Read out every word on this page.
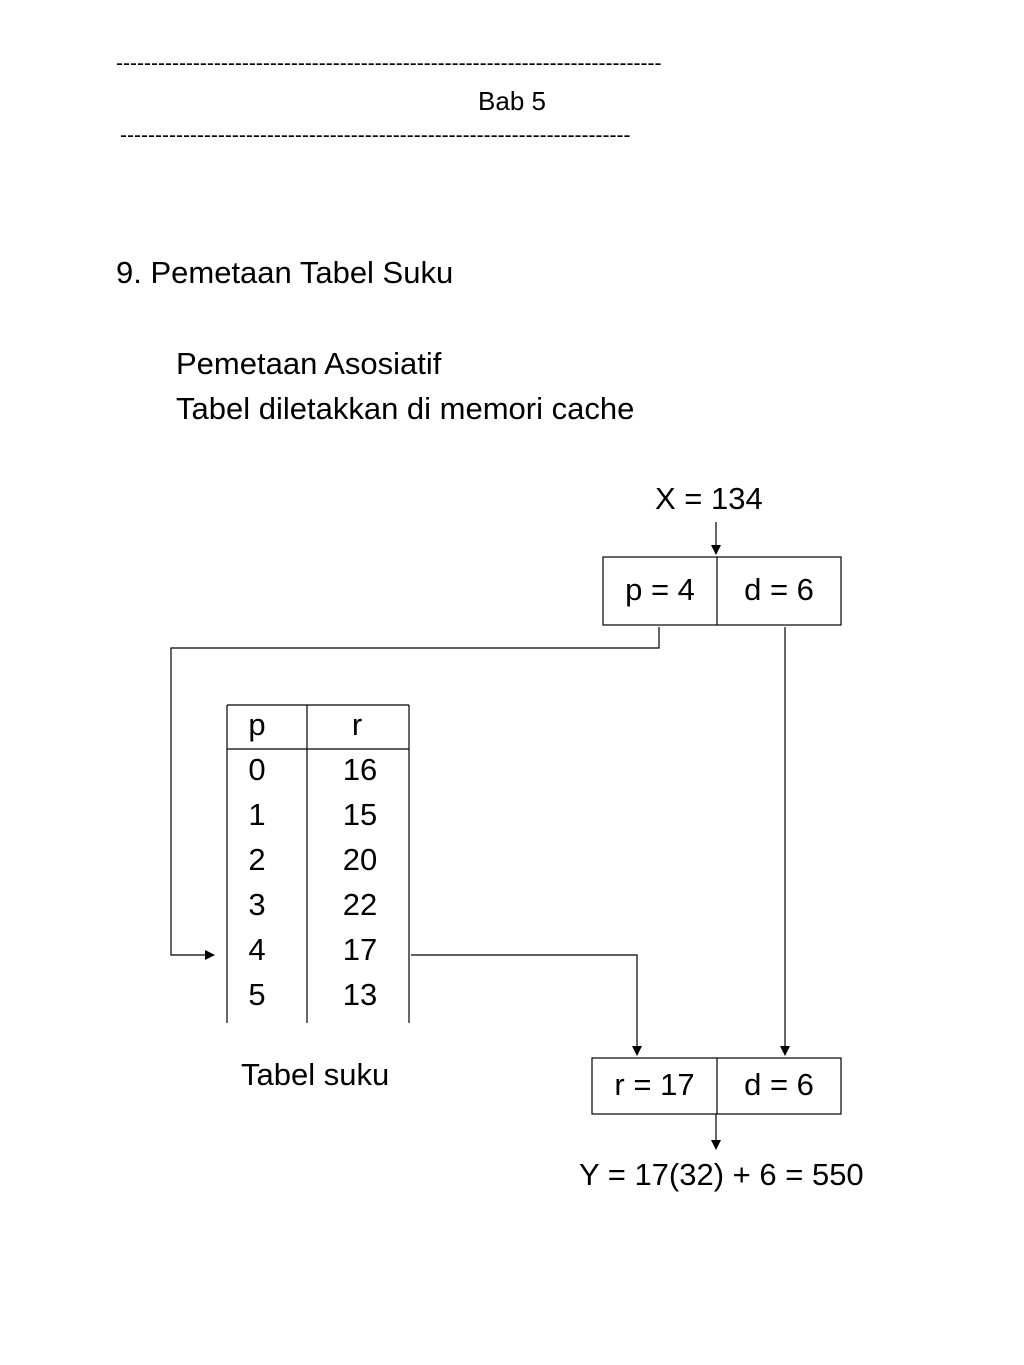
------------------------------------------------------------------------------
Bab 5
-------------------------------------------------------------------------
9. Pemetaan Tabel Suku
Pemetaan Asosiatif
Tabel diletakkan di memori cache
X = 134
p = 4	d = 6
p	r
0	16
1	15
2	20
3	22
4	17
5	13
Tabel suku	r = 17	d = 6
Y = 17(32) + 6 = 550
